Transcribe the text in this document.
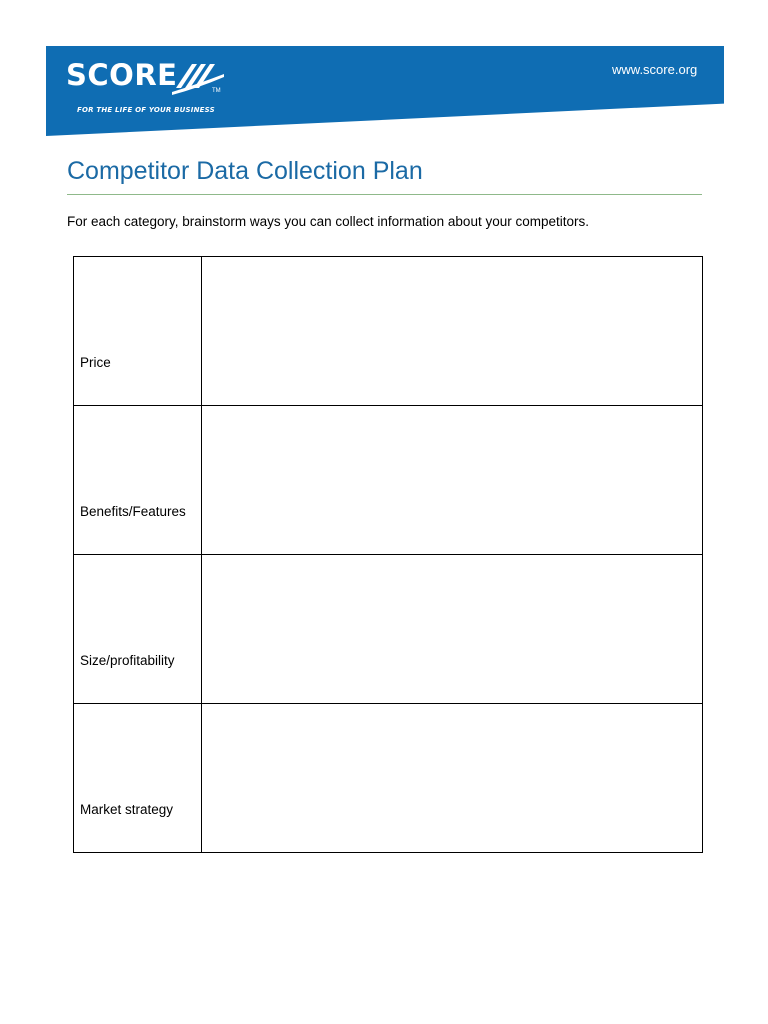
SCORE	TM
FOR THE LIFE OF YOUR BUSINESS
www.score.org
Competitor Data Collection Plan
For each category, brainstorm ways you can collect information about your competitors.
Price	
Benefits/Features	
Size/profitability	
Market strategy	
